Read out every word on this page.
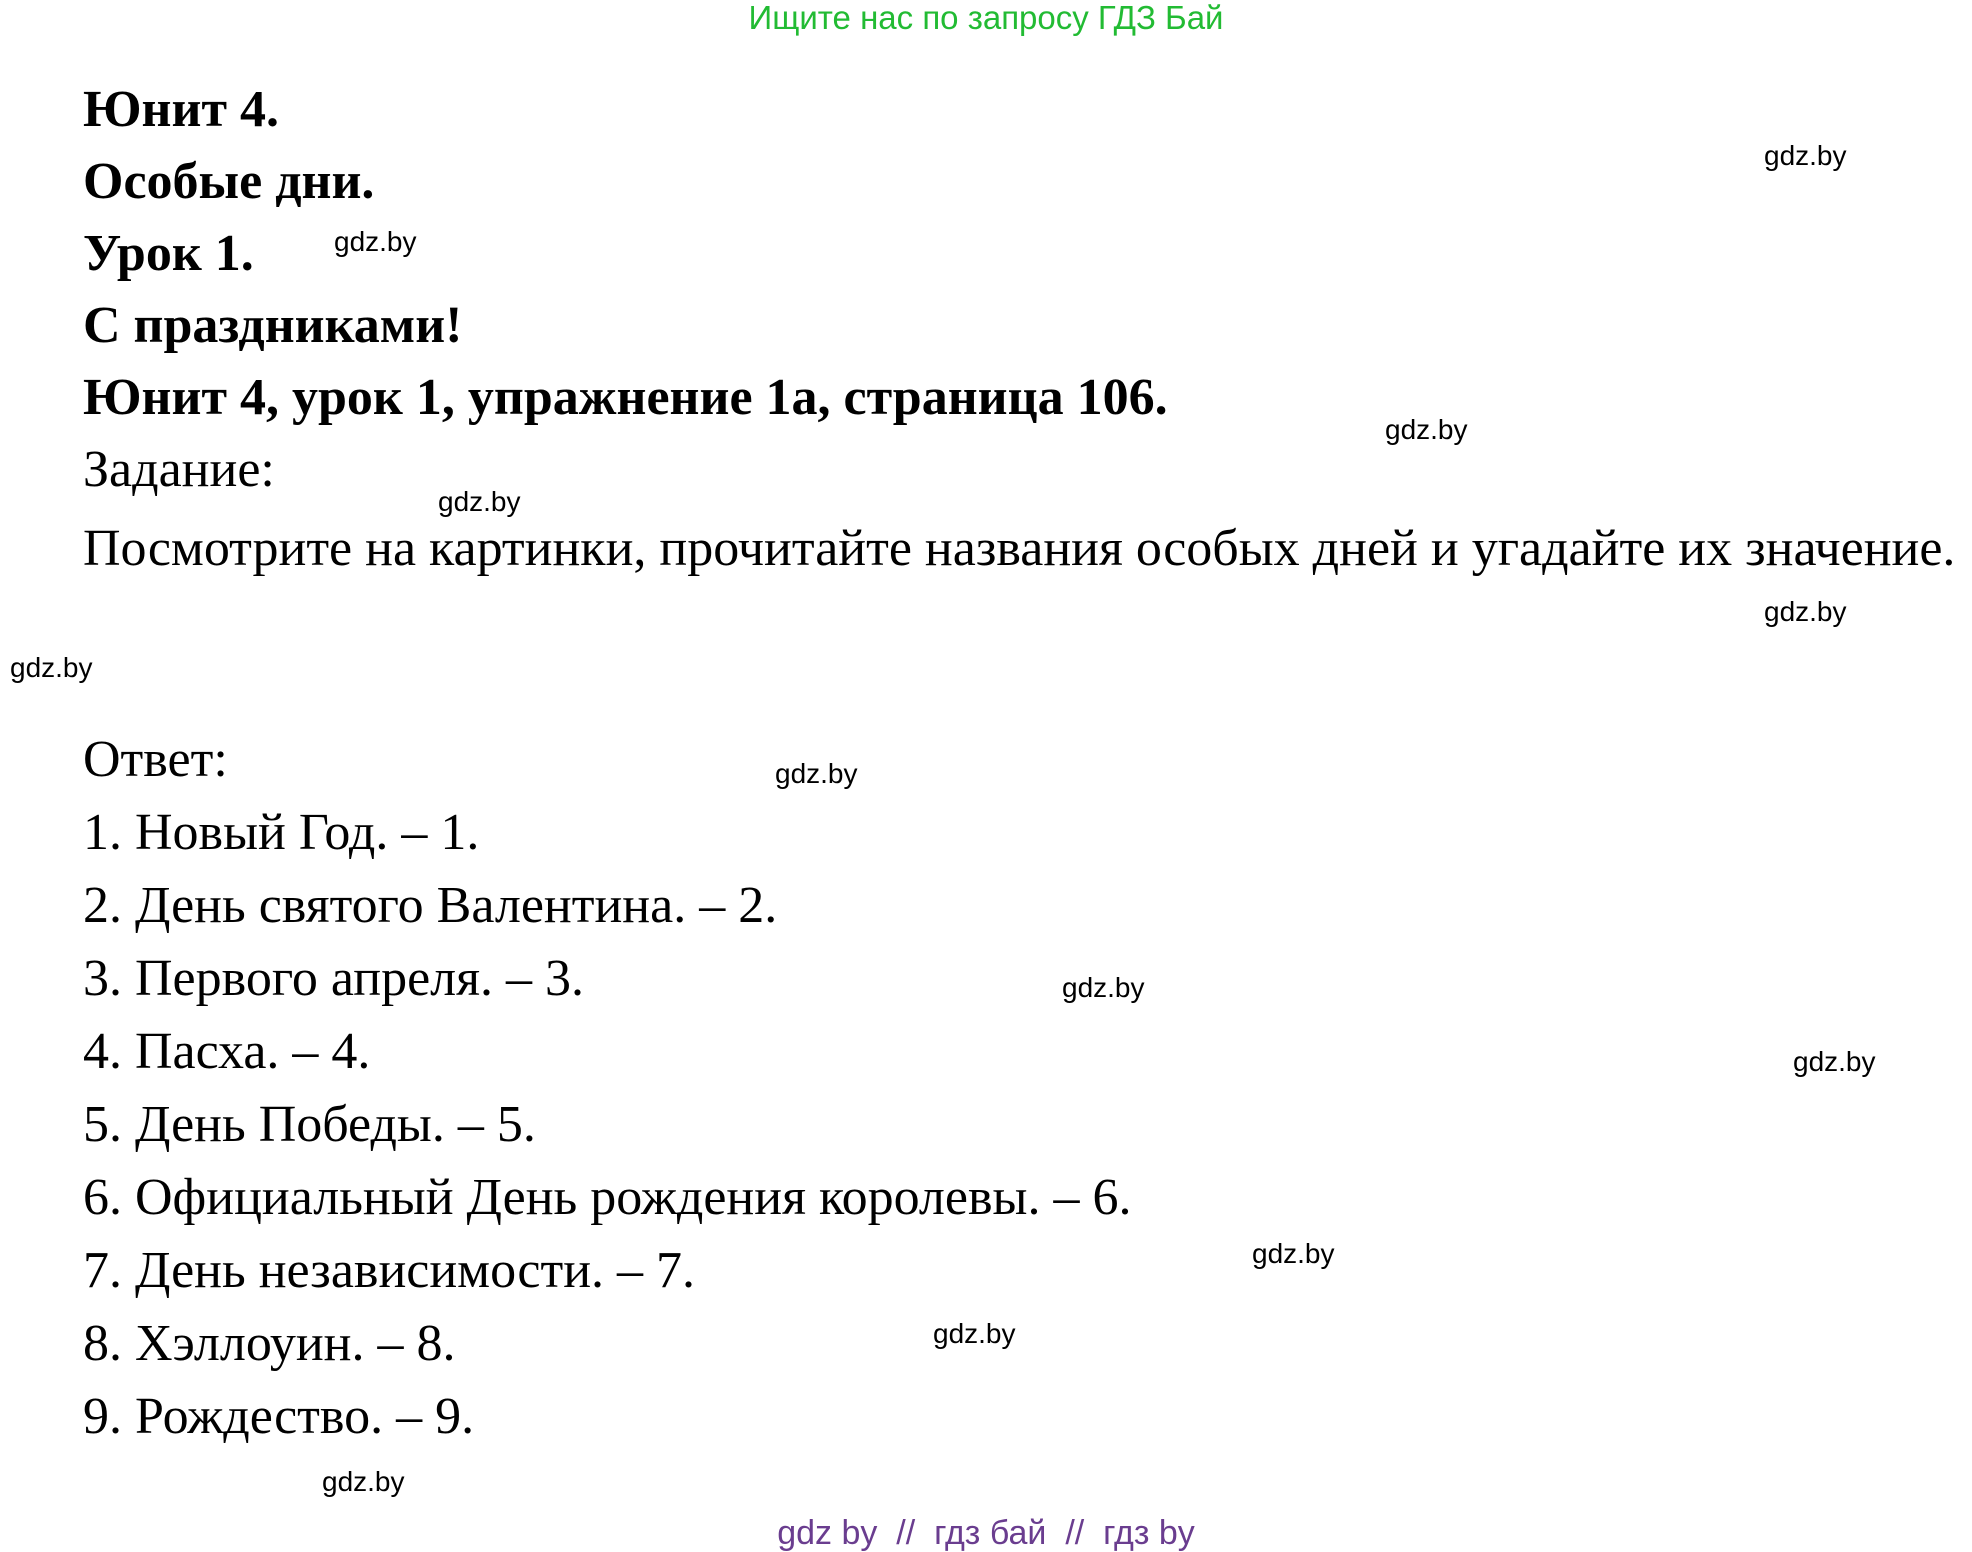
Ищите нас по запросу ГДЗ Бай
Юнит 4.
Особые дни.
Урок 1.
С праздниками!
Юнит 4, урок 1, упражнение 1а, страница 106.
Задание:
Посмотрите на картинки, прочитайте названия особых дней и угадайте их значение.
Ответ:
1. Новый Год. – 1.
2. День святого Валентина. – 2.
3. Первого апреля. – 3.
4. Пасха. – 4.
5. День Победы. – 5.
6. Официальный День рождения королевы. – 6.
7. День независимости. – 7.
8. Хэллоуин. – 8.
9. Рождество. – 9.
gdz.by
gdz.by
gdz.by
gdz.by
gdz.by
gdz.by
gdz.by
gdz.by
gdz.by
gdz.by
gdz.by
gdz.by
gdz by  //  гдз бай  //  гдз by
